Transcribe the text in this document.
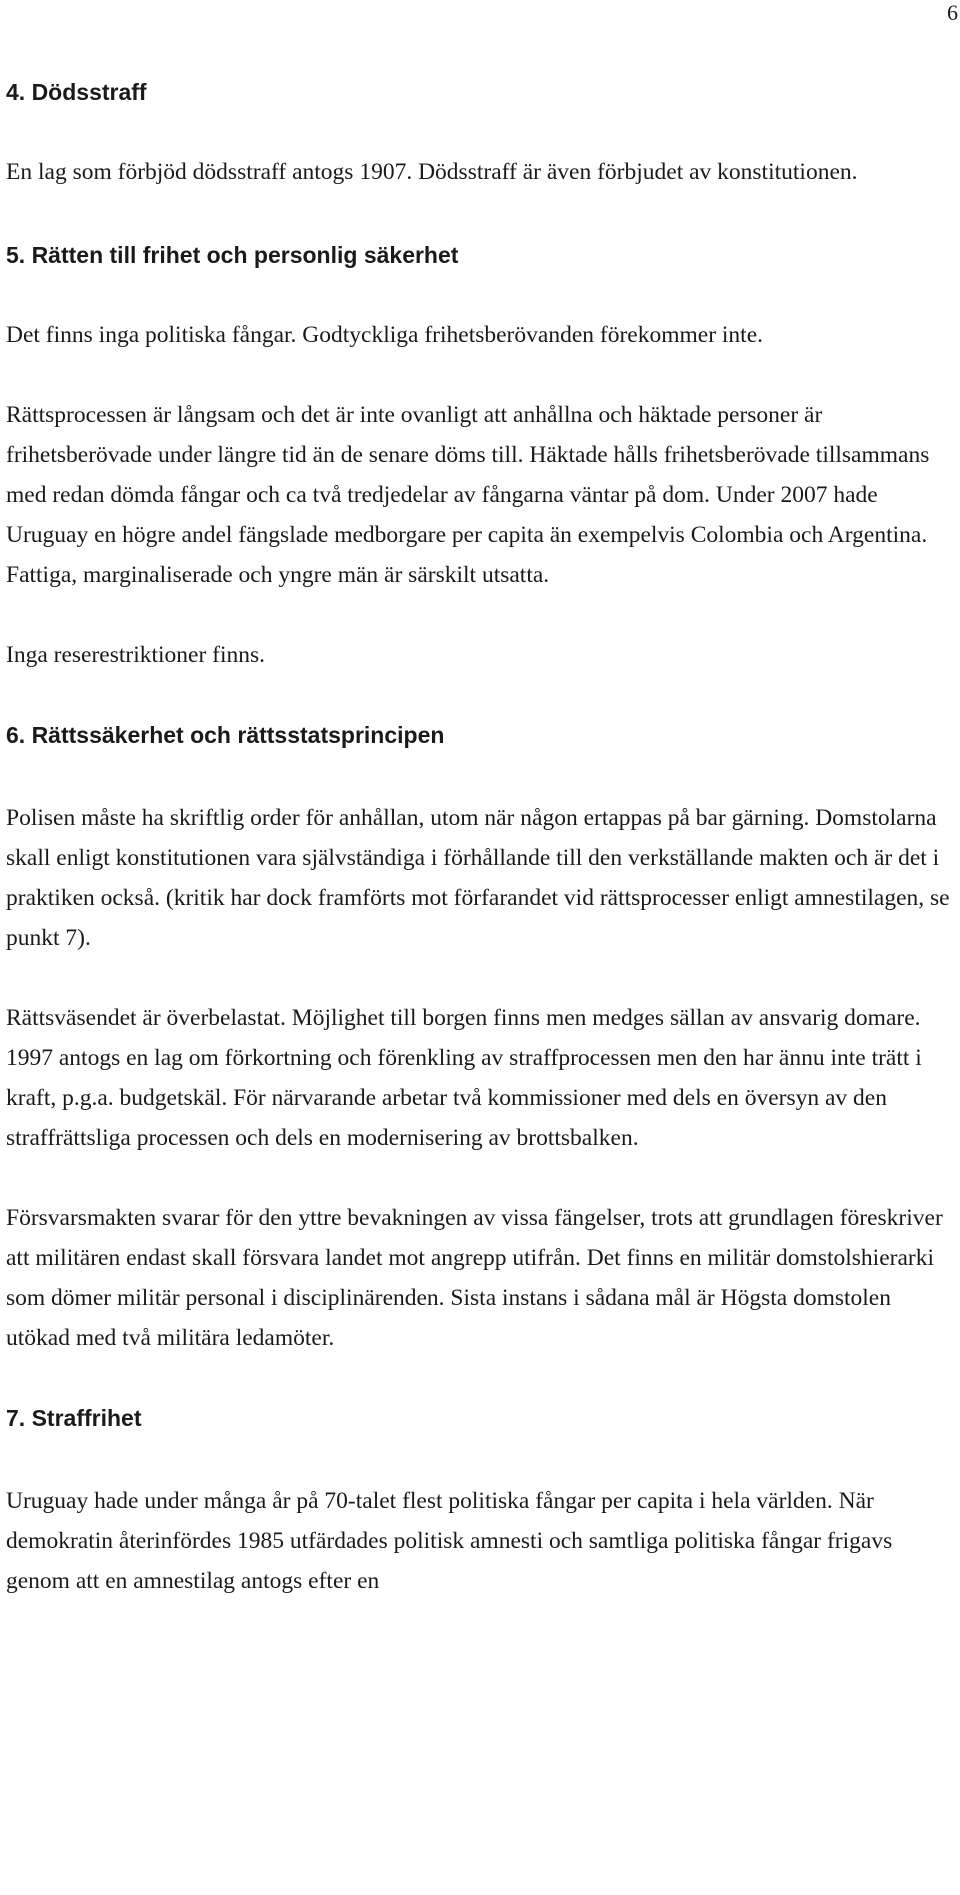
6
4. Dödsstraff

En lag som förbjöd dödsstraff antogs 1907. Dödsstraff är även förbjudet av konstitutionen.

5. Rätten till frihet och personlig säkerhet

Det finns inga politiska fångar. Godtyckliga frihetsberövanden förekommer inte.

Rättsprocessen är långsam och det är inte ovanligt att anhållna och häktade personer är frihetsberövade under längre tid än de senare döms till. Häktade hålls frihetsberövade tillsammans med redan dömda fångar och ca två tredjedelar av fångarna väntar på dom. Under 2007 hade Uruguay en högre andel fängslade medborgare per capita än exempelvis Colombia och Argentina. Fattiga, marginaliserade och yngre män är särskilt utsatta.

Inga reserestriktioner finns.

6. Rättssäkerhet och rättsstatsprincipen

Polisen måste ha skriftlig order för anhållan, utom när någon ertappas på bar gärning. Domstolarna skall enligt konstitutionen vara självständiga i förhållande till den verkställande makten och är det i praktiken också. (kritik har dock framförts mot förfarandet vid rättsprocesser enligt amnestilagen, se punkt 7).

Rättsväsendet är överbelastat. Möjlighet till borgen finns men medges sällan av ansvarig domare. 1997 antogs en lag om förkortning och förenkling av straffprocessen men den har ännu inte trätt i kraft, p.g.a. budgetskäl. För närvarande arbetar två kommissioner med dels en översyn av den straffrättsliga processen och dels en modernisering av brottsbalken.

Försvarsmakten svarar för den yttre bevakningen av vissa fängelser, trots att grundlagen föreskriver att militären endast skall försvara landet mot angrepp utifrån. Det finns en militär domstolshierarki som dömer militär personal i disciplinärenden. Sista instans i sådana mål är Högsta domstolen utökad med två militära ledamöter.

7. Straffrihet

Uruguay hade under många år på 70-talet flest politiska fångar per capita i hela världen. När demokratin återinfördes 1985 utfärdades politisk amnesti och samtliga politiska fångar frigavs genom att en amnestilag antogs efter en
